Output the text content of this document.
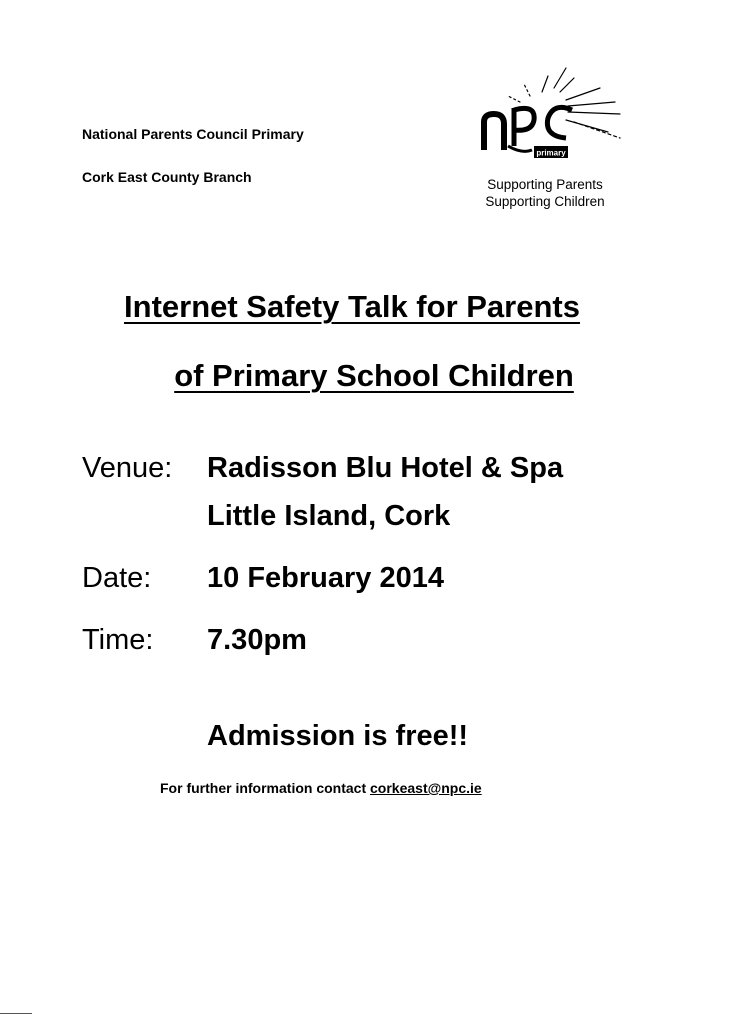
National Parents Council Primary
Cork East County Branch
primary
Supporting Parents
Supporting Children
Internet Safety Talk for Parents
of Primary School Children
Venue: Radisson Blu Hotel & Spa
Little Island, Cork
Date: 10 February 2014
Time: 7.30pm
Admission is free!!
For further information contact corkeast@npc.ie
